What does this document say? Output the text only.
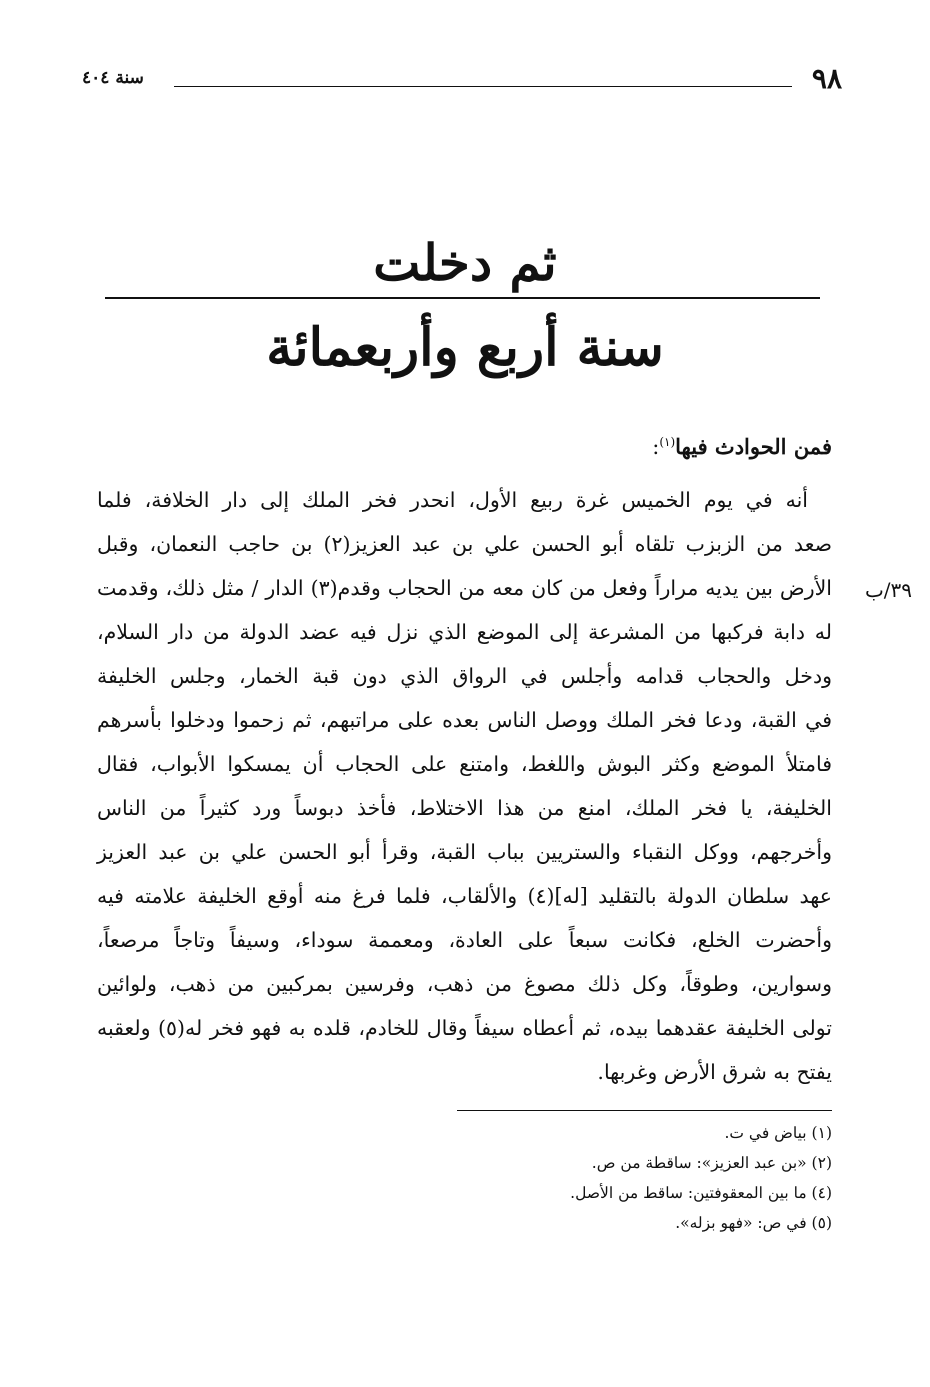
٩٨
سنة ٤٠٤
ثم دخلت
سنة أربع وأربعمائة
فمن الحوادث فيها$^{(١)}$:
٣٩/ب
أنه في يوم الخميس غرة ربيع الأول، انحدر فخر الملك إلى دار الخلافة، فلما
صعد من الزبزب تلقاه أبو الحسن علي بن عبد العزيز(٢) بن حاجب النعمان، وقبل
الأرض بين يديه مراراً وفعل من كان معه من الحجاب وقدم(٣) الدار / مثل ذلك، وقدمت
له دابة فركبها من المشرعة إلى الموضع الذي نزل فيه عضد الدولة من دار السلام،
ودخل والحجاب قدامه وأجلس في الرواق الذي دون قبة الخمار، وجلس الخليفة
في القبة، ودعا فخر الملك ووصل الناس بعده على مراتبهم، ثم زحموا ودخلوا بأسرهم
فامتلأ الموضع وكثر البوش واللغط، وامتنع على الحجاب أن يمسكوا الأبواب، فقال
الخليفة، يا فخر الملك، امنع من هذا الاختلاط، فأخذ دبوساً ورد كثيراً من الناس
وأخرجهم، ووكل النقباء والستريين بباب القبة، وقرأ أبو الحسن علي بن عبد العزيز
عهد سلطان الدولة بالتقليد [له](٤) والألقاب، فلما فرغ منه أوقع الخليفة علامته فيه
وأحضرت الخلع، فكانت سبعاً على العادة، ومعممة سوداء، وسيفاً وتاجاً مرصعاً،
وسوارين، وطوقاً، وكل ذلك مصوغ من ذهب، وفرسين بمركبين من ذهب، ولوائين
تولى الخليفة عقدهما بيده، ثم أعطاه سيفاً وقال للخادم، قلده به فهو فخر له(٥) ولعقبه
يفتح به شرق الأرض وغربها.
(١) بياض في ت.
(٢) «بن عبد العزيز»: ساقطة من ص.
(٤) ما بين المعقوفتين: ساقط من الأصل.
(٥) في ص: «فهو بزله».
